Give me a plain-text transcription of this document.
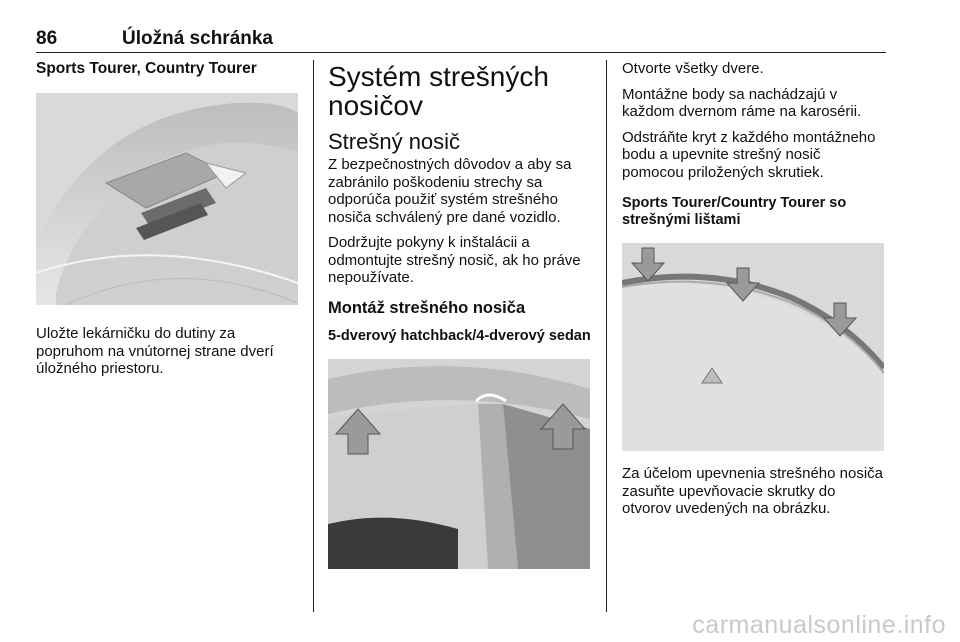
86	Úložná schránka
Sports Tourer, Country Tourer

Uložte lekárničku do dutiny za popruhom na vnútornej strane dverí úložného priestoru.

Systém strešných nosičov
Strešný nosič

Z bezpečnostných dôvodov a aby sa zabránilo poškodeniu strechy sa odporúča použiť systém strešného nosiča schválený pre dané vozidlo.

Dodržujte pokyny k inštalácii a odmontujte strešný nosič, ak ho práve nepoužívate.

Montáž strešného nosiča
5-dverový hatchback/4-dverový sedan

Otvorte všetky dvere.

Montážne body sa nachádzajú v každom dvernom ráme na karosérii.

Odstráňte kryt z každého montážneho bodu a upevnite strešný nosič pomocou priložených skrutiek.

Sports Tourer/Country Tourer so strešnými lištami

Za účelom upevnenia strešného nosiča zasuňte upevňovacie skrutky do otvorov uvedených na obrázku.

carmanualsonline.info
